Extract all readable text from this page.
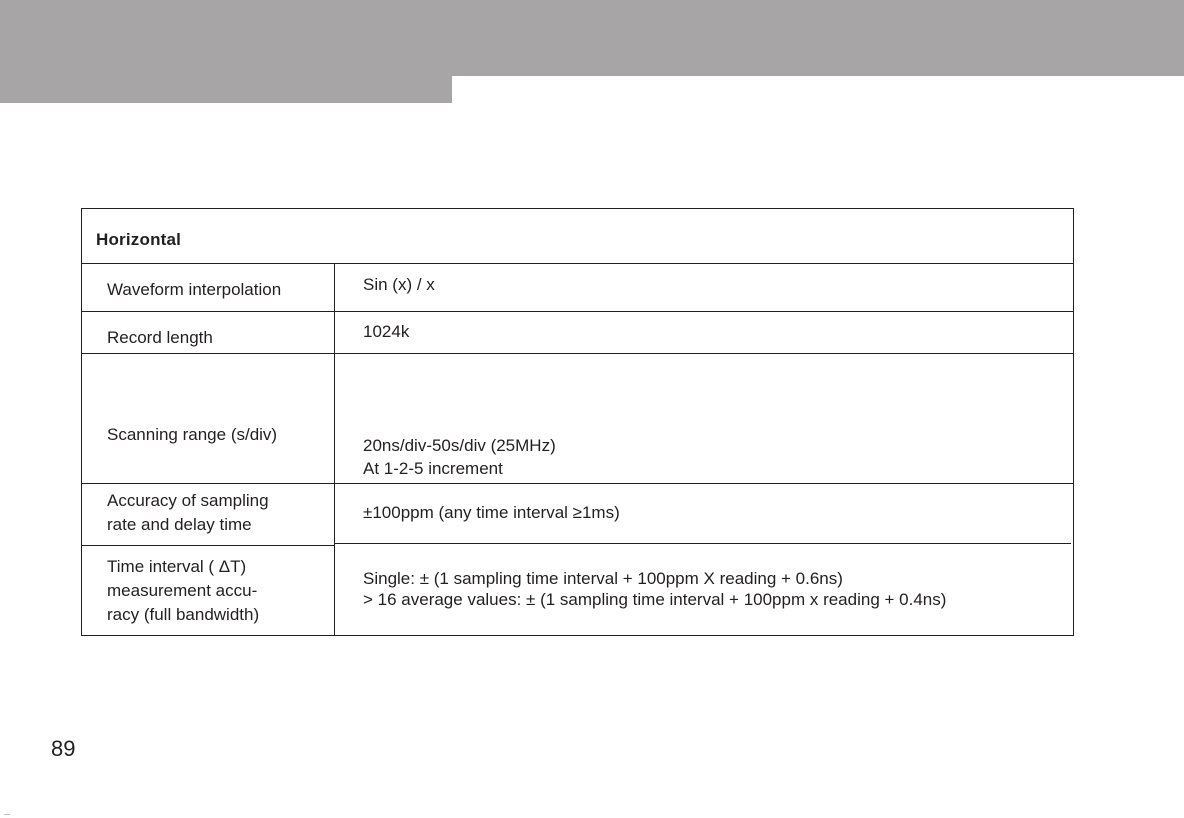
Horizontal
Waveform interpolation	Sin (x) / x
Record length	1024k
Scanning range (s/div)
20ns/div-50s/div (25MHz)
At 1-2-5 increment
Accuracy of sampling
rate and delay time
±100ppm (any time interval ≥1ms)
Time interval ( ΔT)
measurement accu-
racy (full bandwidth)
Single: ± (1 sampling time interval + 100ppm X reading + 0.6ns)
> 16 average values: ± (1 sampling time interval + 100ppm x reading + 0.4ns)
89
---
